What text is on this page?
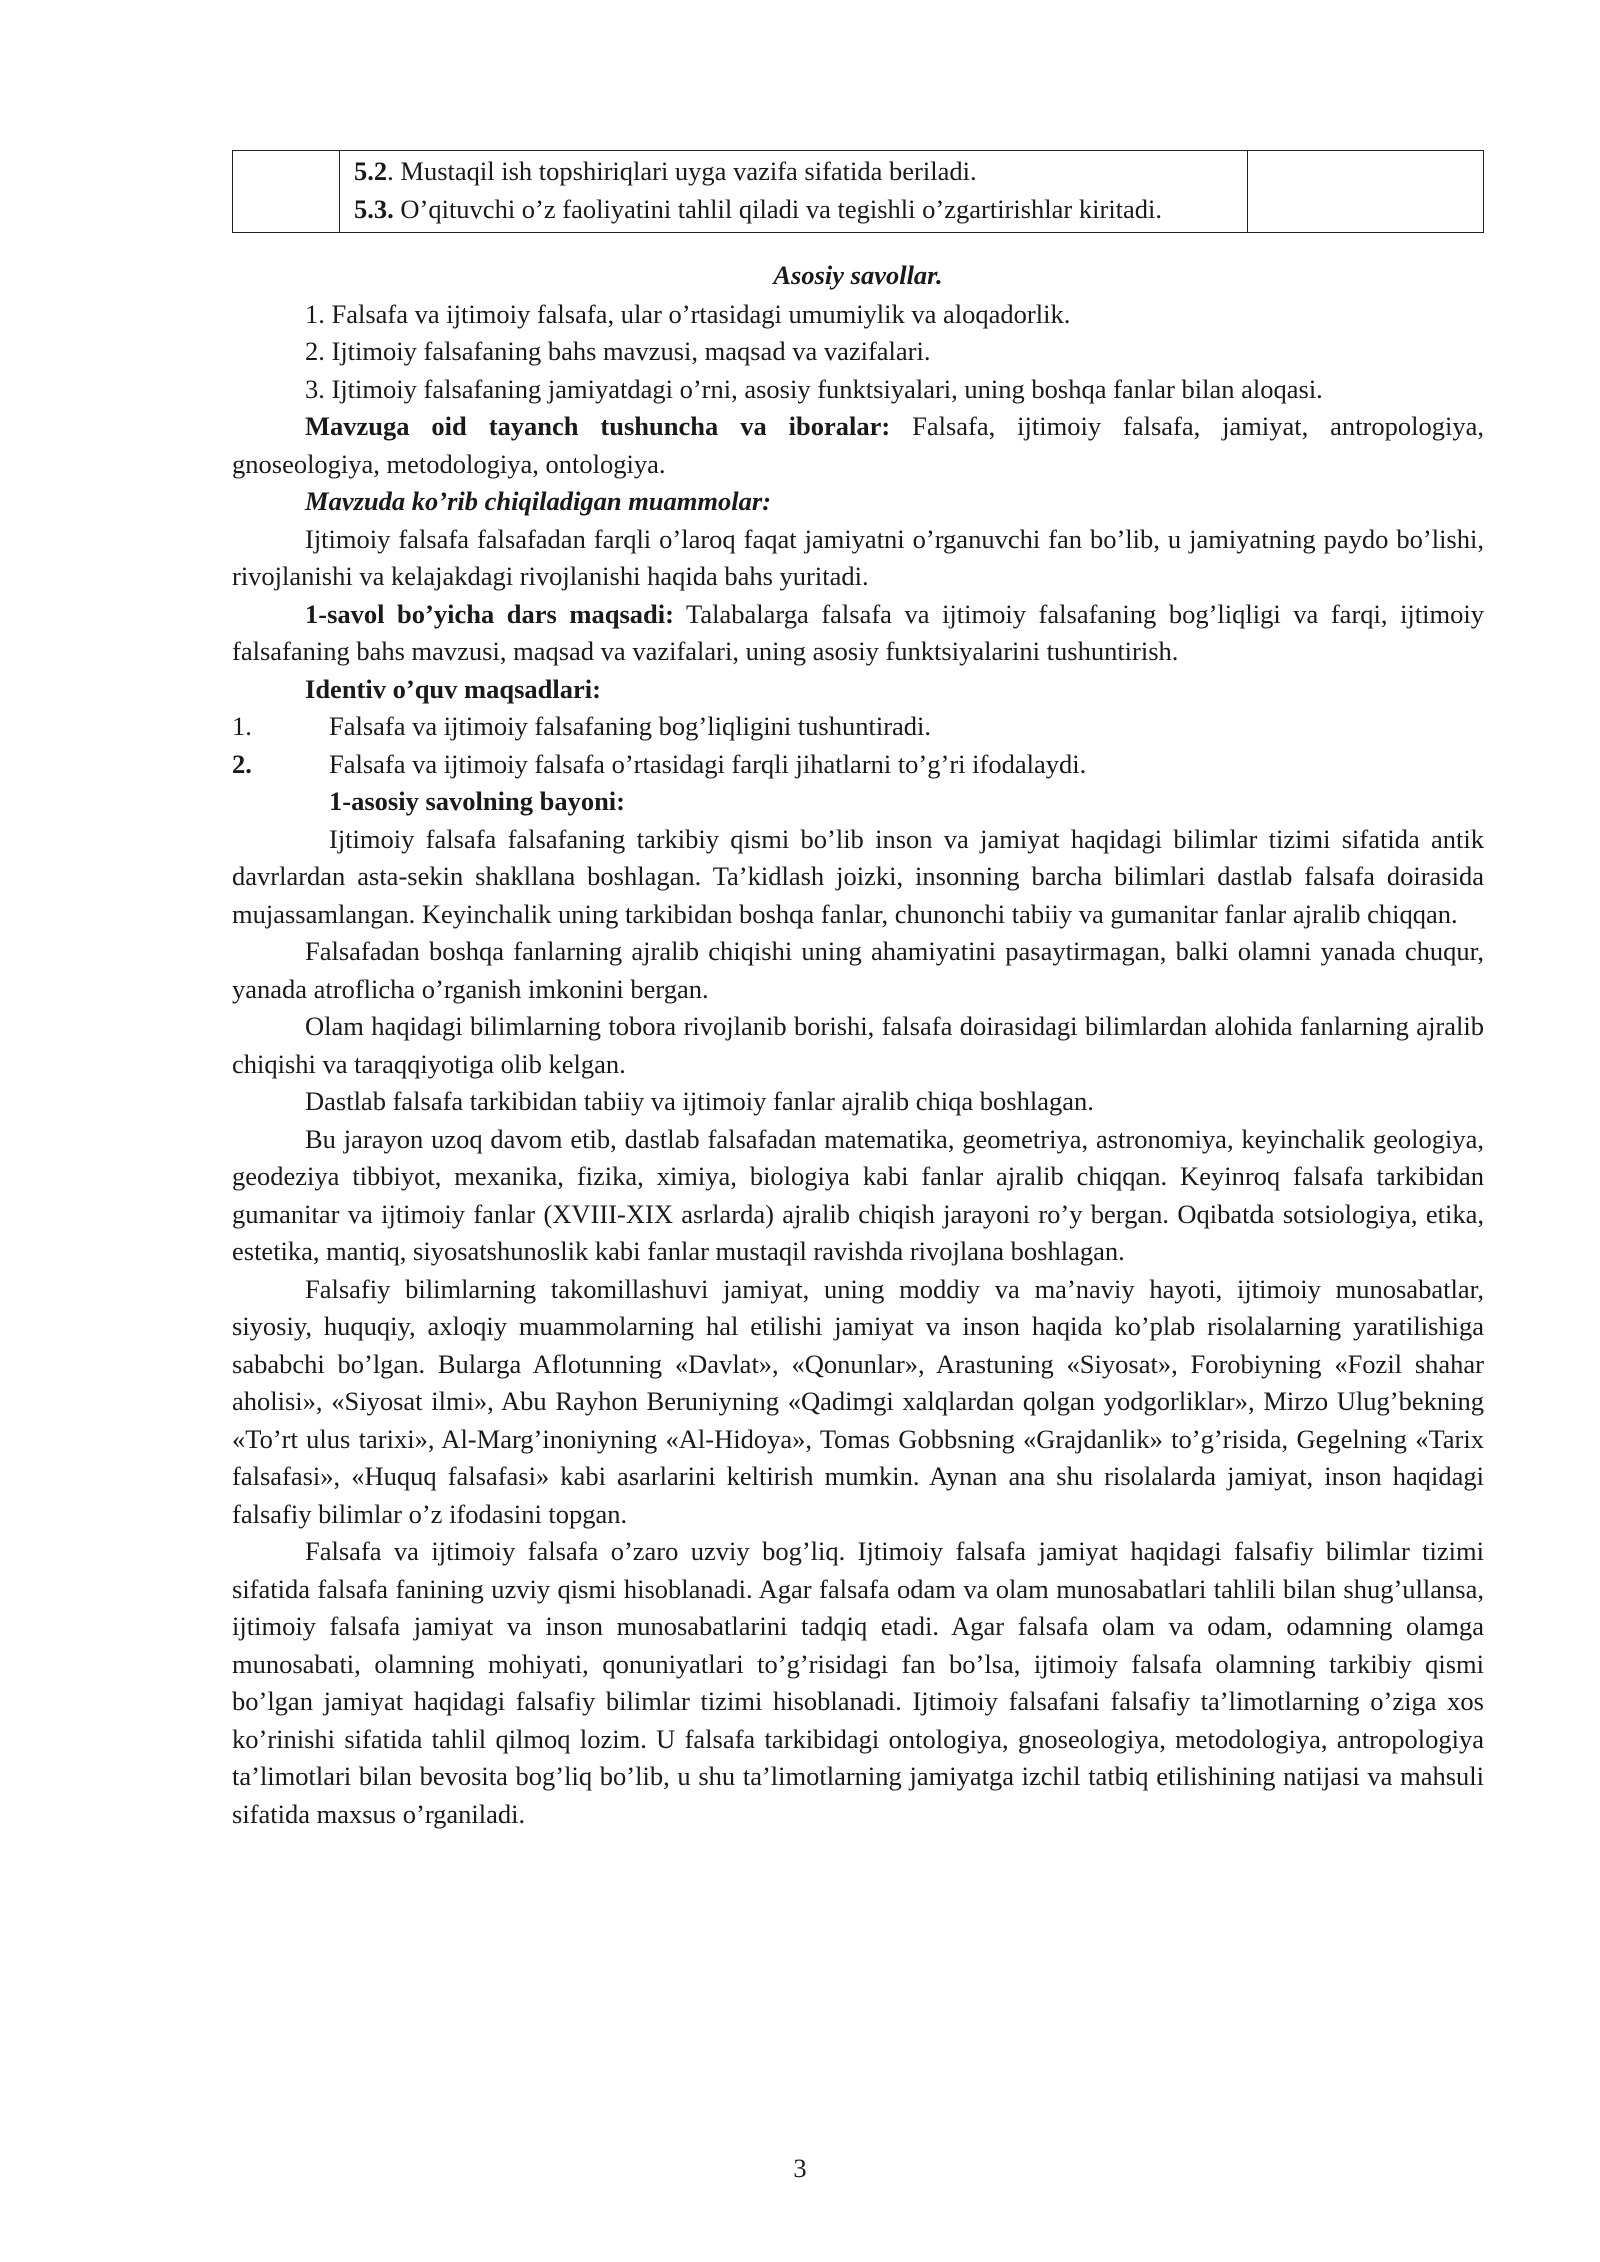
5.2. Mustaqil ish topshiriqlari uyga vazifa sifatida beriladi.
5.3. O’qituvchi o’z faoliyatini tahlil qiladi va tegishli o’zgartirishlar kiritadi.

Asosiy savollar.

1. Falsafa va ijtimoiy falsafa, ular o’rtasidagi umumiylik va aloqadorlik.

2. Ijtimoiy falsafaning bahs mavzusi, maqsad va vazifalari.

3. Ijtimoiy falsafaning jamiyatdagi o’rni, asosiy funktsiyalari, uning boshqa fanlar bilan aloqasi.

Mavzuga oid tayanch tushuncha va iboralar: Falsafa, ijtimoiy falsafa, jamiyat, antropologiya, gnoseologiya, metodologiya, ontologiya.

Mavzuda ko’rib chiqiladigan muammolar:

Ijtimoiy falsafa falsafadan farqli o’laroq faqat jamiyatni o’rganuvchi fan bo’lib, u jamiyatning paydo bo’lishi, rivojlanishi va kelajakdagi rivojlanishi haqida bahs yuritadi.

1-savol bo’yicha dars maqsadi: Talabalarga falsafa va ijtimoiy falsafaning bog’liqligi va farqi, ijtimoiy falsafaning bahs mavzusi, maqsad va vazifalari, uning asosiy funktsiyalarini tushuntirish.

Identiv o’quv maqsadlari:

1.	Falsafa va ijtimoiy falsafaning bog’liqligini tushuntiradi.
2.	Falsafa va ijtimoiy falsafa o’rtasidagi farqli jihatlarni to’g’ri ifodalaydi.

1-asosiy savolning bayoni:

Ijtimoiy falsafa falsafaning tarkibiy qismi bo’lib inson va jamiyat haqidagi bilimlar tizimi sifatida antik davrlardan asta-sekin shakllana boshlagan. Ta’kidlash joizki, insonning barcha bilimlari dastlab falsafa doirasida mujassamlangan. Keyinchalik uning tarkibidan boshqa fanlar, chunonchi tabiiy va gumanitar fanlar ajralib chiqqan.

Falsafadan boshqa fanlarning ajralib chiqishi uning ahamiyatini pasaytirmagan, balki olamni yanada chuqur, yanada atroflicha o’rganish imkonini bergan.

Olam haqidagi bilimlarning tobora rivojlanib borishi, falsafa doirasidagi bilimlardan alohida fanlarning ajralib chiqishi va taraqqiyotiga olib kelgan.

Dastlab falsafa tarkibidan tabiiy va ijtimoiy fanlar ajralib chiqa boshlagan.

Bu jarayon uzoq davom etib, dastlab falsafadan matematika, geometriya, astronomiya, keyinchalik geologiya, geodeziya tibbiyot, mexanika, fizika, ximiya, biologiya kabi fanlar ajralib chiqqan. Keyinroq falsafa tarkibidan gumanitar va ijtimoiy fanlar (XVIII-XIX asrlarda) ajralib chiqish jarayoni ro’y bergan. Oqibatda sotsiologiya, etika, estetika, mantiq, siyosatshunoslik kabi fanlar mustaqil ravishda rivojlana boshlagan.

Falsafiy bilimlarning takomillashuvi jamiyat, uning moddiy va ma’naviy hayoti, ijtimoiy munosabatlar, siyosiy, huquqiy, axloqiy muammolarning hal etilishi jamiyat va inson haqida ko’plab risolalarning yaratilishiga sababchi bo’lgan. Bularga Aflotunning «Davlat», «Qonunlar», Arastuning «Siyosat», Forobiyning «Fozil shahar aholisi», «Siyosat ilmi», Abu Rayhon Beruniyning «Qadimgi xalqlardan qolgan yodgorliklar», Mirzo Ulug’bekning «To’rt ulus tarixi», Al-Marg’inoniyning «Al-Hidoya», Tomas Gobbsning «Grajdanlik» to’g’risida, Gegelning «Tarix falsafasi», «Huquq falsafasi» kabi asarlarini keltirish mumkin. Aynan ana shu risolalarda jamiyat, inson haqidagi falsafiy bilimlar o’z ifodasini topgan.

Falsafa va ijtimoiy falsafa o’zaro uzviy bog’liq. Ijtimoiy falsafa jamiyat haqidagi falsafiy bilimlar tizimi sifatida falsafa fanining uzviy qismi hisoblanadi. Agar falsafa odam va olam munosabatlari tahlili bilan shug’ullansa, ijtimoiy falsafa jamiyat va inson munosabatlarini tadqiq etadi. Agar falsafa olam va odam, odamning olamga munosabati, olamning mohiyati, qonuniyatlari to’g’risidagi fan bo’lsa, ijtimoiy falsafa olamning tarkibiy qismi bo’lgan jamiyat haqidagi falsafiy bilimlar tizimi hisoblanadi. Ijtimoiy falsafani falsafiy ta’limotlarning o’ziga xos ko’rinishi sifatida tahlil qilmoq lozim. U falsafa tarkibidagi ontologiya, gnoseologiya, metodologiya, antropologiya ta’limotlari bilan bevosita bog’liq bo’lib, u shu ta’limotlarning jamiyatga izchil tatbiq etilishining natijasi va mahsuli sifatida maxsus o’rganiladi.

3
